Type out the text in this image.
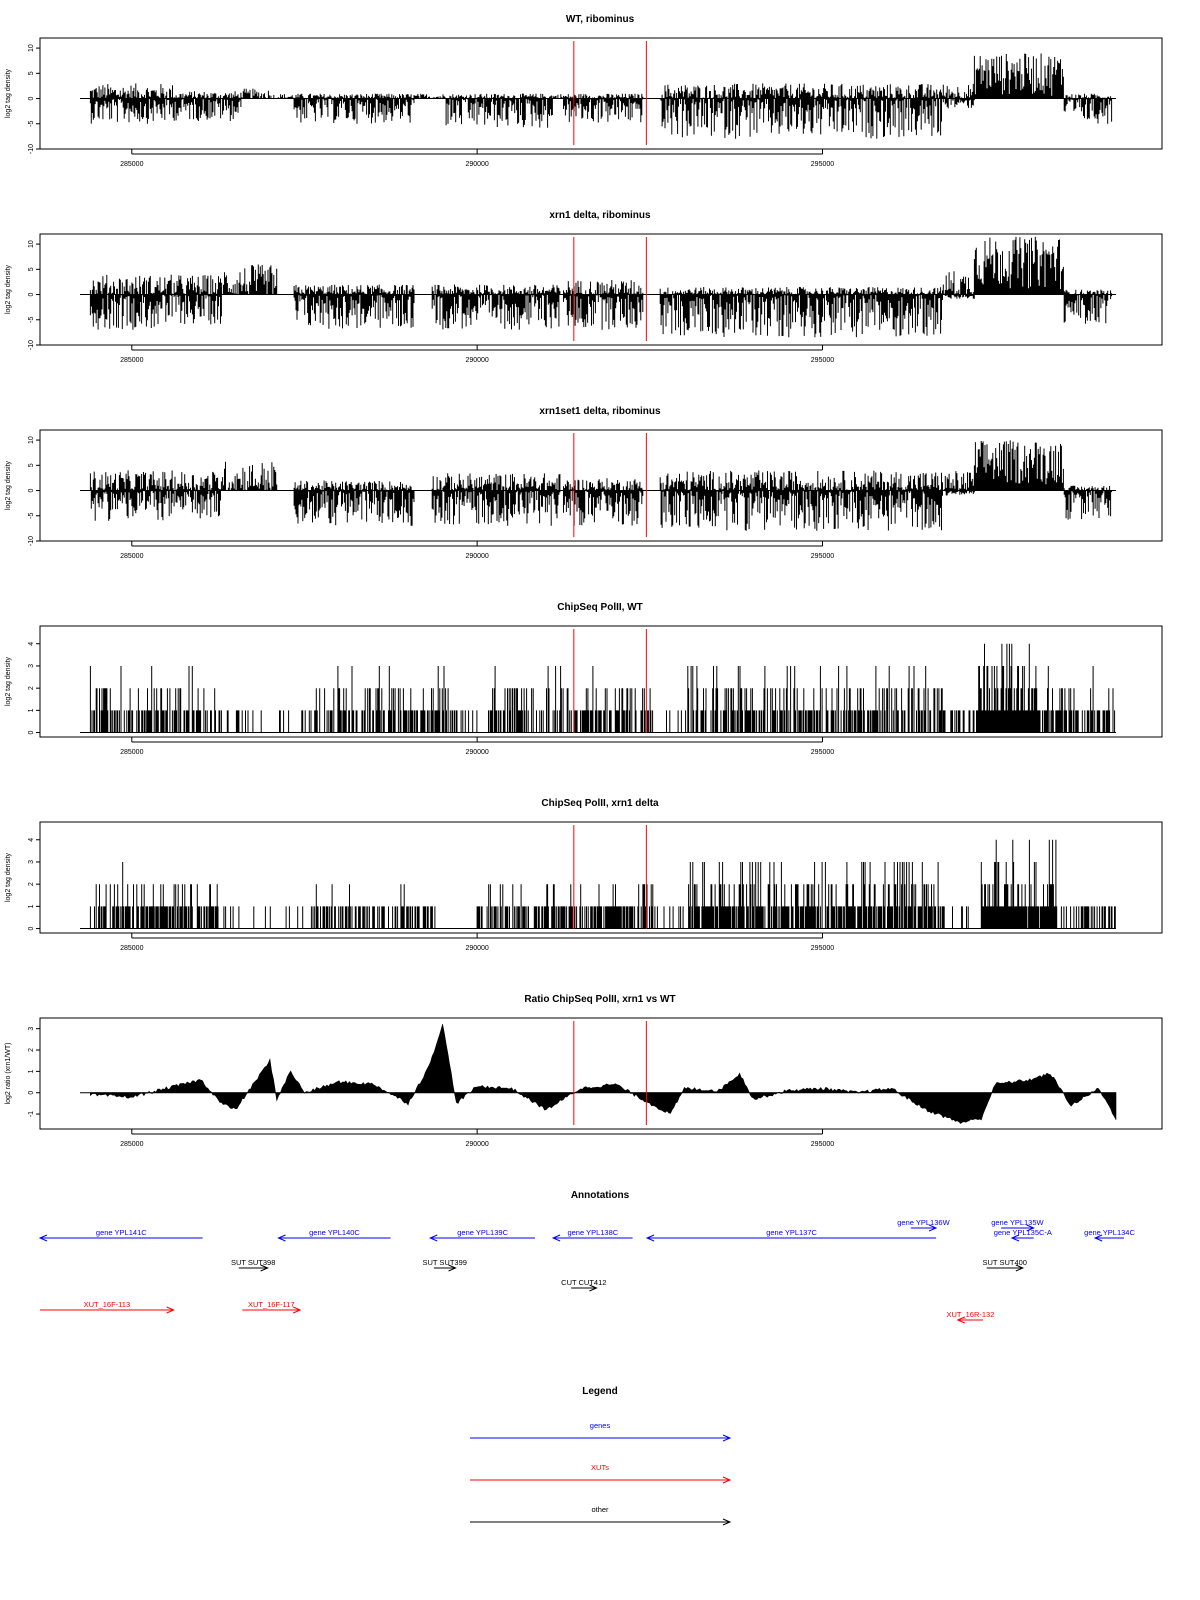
WT, ribominus
log2 tag density
-10
-5
0
5
10
285000	290000	295000
xrn1 delta, ribominus
log2 tag density
-10
-5
0
5
10
285000	290000	295000
xrn1set1 delta, ribominus
log2 tag density
-10
-5
0
5
10
285000	290000	295000
ChipSeq PolII, WT
log2 tag density
0
1
2
3
4
285000	290000	295000
ChipSeq PolII, xrn1 delta
log2 tag density
0
1
2
3
4
285000	290000	295000
Ratio ChipSeq PolII, xrn1 vs WT
log2 ratio (xrn1/WT)
-1
0
1
2
3
285000	290000	295000
Annotations
gene YPL141C	gene YPL140C	gene YPL139C	gene YPL138C	gene YPL137C
gene YPL136W	gene YPL135W
gene YPL135C-A	gene YPL134C
SUT SUT398	SUT SUT399
CUT CUT412
SUT SUT400
XUT_16F-113	XUT_16F-117
XUT_16R-132
Legend
genes
XUTs
other
